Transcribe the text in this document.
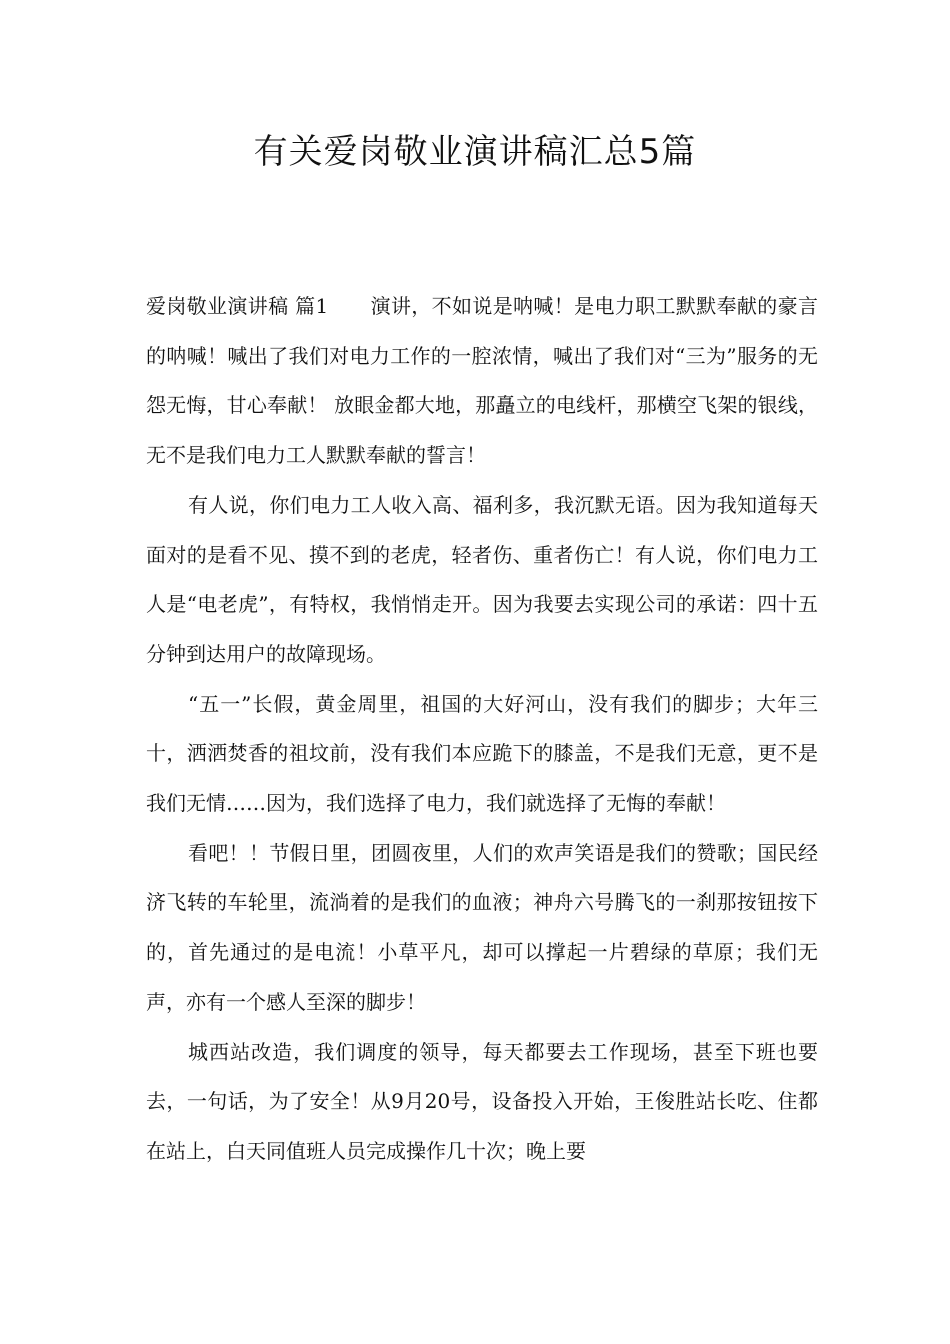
有关爱岗敬业演讲稿汇总5篇

爱岗敬业演讲稿 篇1 演讲，不如说是呐喊！是电力职工默默奉献的豪言的呐喊！喊出了我们对电力工作的一腔浓情，喊出了我们对“三为”服务的无怨无悔，甘心奉献！ 放眼金都大地，那矗立的电线杆，那横空飞架的银线，无不是我们电力工人默默奉献的誓言！

有人说，你们电力工人收入高、福利多，我沉默无语。因为我知道每天面对的是看不见、摸不到的老虎，轻者伤、重者伤亡！有人说，你们电力工人是“电老虎”，有特权，我悄悄走开。因为我要去实现公司的承诺：四十五分钟到达用户的故障现场。

“五一”长假，黄金周里，祖国的大好河山，没有我们的脚步；大年三十，洒洒焚香的祖坟前，没有我们本应跪下的膝盖，不是我们无意，更不是我们无情……因为，我们选择了电力，我们就选择了无悔的奉献！

看吧！！节假日里，团圆夜里，人们的欢声笑语是我们的赞歌；国民经济飞转的车轮里，流淌着的是我们的血液；神舟六号腾飞的一刹那按钮按下的，首先通过的是电流！小草平凡，却可以撑起一片碧绿的草原；我们无声，亦有一个感人至深的脚步！

城西站改造，我们调度的领导，每天都要去工作现场，甚至下班也要去，一句话，为了安全！从9月20号，设备投入开始，王俊胜站长吃、住都在站上，白天同值班人员完成操作几十次；晚上要
